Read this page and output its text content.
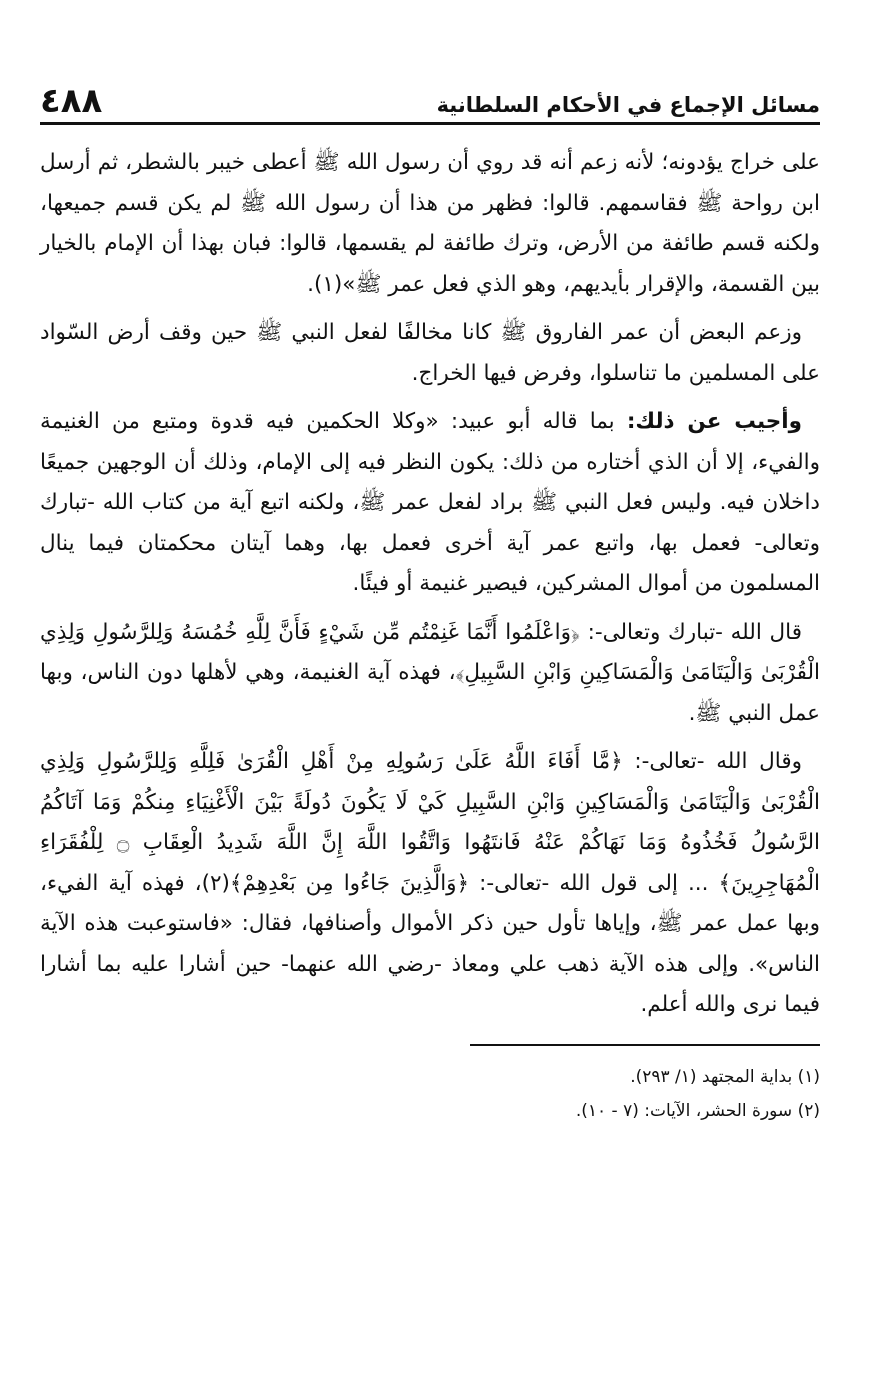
مسائل الإجماع في الأحكام السلطانية
٤٨٨

على خراج يؤدونه؛ لأنه زعم أنه قد روي أن رسول الله ﷺ أعطى خيبر بالشطر، ثم أرسل ابن رواحة ﷺ فقاسمهم. قالوا: فظهر من هذا أن رسول الله ﷺ لم يكن قسم جميعها، ولكنه قسم طائفة من الأرض، وترك طائفة لم يقسمها، قالوا: فبان بهذا أن الإمام بالخيار بين القسمة، والإقرار بأيديهم، وهو الذي فعل عمر ﷺ»(١).

وزعم البعض أن عمر الفاروق ﷺ كانا مخالفًا لفعل النبي ﷺ حين وقف أرض السّواد على المسلمين ما تناسلوا، وفرض فيها الخراج.

وأجيب عن ذلك: بما قاله أبو عبيد: «وكلا الحكمين فيه قدوة ومتبع من الغنيمة والفيء، إلا أن الذي أختاره من ذلك: يكون النظر فيه إلى الإمام، وذلك أن الوجهين جميعًا داخلان فيه. وليس فعل النبي ﷺ براد لفعل عمر ﷺ، ولكنه اتبع آية من كتاب الله -تبارك وتعالى- فعمل بها، واتبع عمر آية أخرى فعمل بها، وهما آيتان محكمتان فيما ينال المسلمون من أموال المشركين، فيصير غنيمة أو فيئًا.

قال الله -تبارك وتعالى-: ﴿وَاعْلَمُوا أَنَّمَا غَنِمْتُم مِّن شَيْءٍ فَأَنَّ لِلَّهِ خُمُسَهُ وَلِلرَّسُولِ وَلِذِي الْقُرْبَىٰ وَالْيَتَامَىٰ وَالْمَسَاكِينِ وَابْنِ السَّبِيلِ﴾، فهذه آية الغنيمة، وهي لأهلها دون الناس، وبها عمل النبي ﷺ.

وقال الله -تعالى-: ﴿مَّا أَفَاءَ اللَّهُ عَلَىٰ رَسُولِهِ مِنْ أَهْلِ الْقُرَىٰ فَلِلَّهِ وَلِلرَّسُولِ وَلِذِي الْقُرْبَىٰ وَالْيَتَامَىٰ وَالْمَسَاكِينِ وَابْنِ السَّبِيلِ كَيْ لَا يَكُونَ دُولَةً بَيْنَ الْأَغْنِيَاءِ مِنكُمْ وَمَا آتَاكُمُ الرَّسُولُ فَخُذُوهُ وَمَا نَهَاكُمْ عَنْهُ فَانتَهُوا وَاتَّقُوا اللَّهَ إِنَّ اللَّهَ شَدِيدُ الْعِقَابِ ۝ لِلْفُقَرَاءِ الْمُهَاجِرِينَ﴾ ... إلى قول الله -تعالى-: ﴿وَالَّذِينَ جَاءُوا مِن بَعْدِهِمْ﴾(٢)، فهذه آية الفيء، وبها عمل عمر ﷺ، وإياها تأول حين ذكر الأموال وأصنافها، فقال: «فاستوعبت هذه الآية الناس». وإلى هذه الآية ذهب علي ومعاذ -رضي الله عنهما- حين أشارا عليه بما أشارا فيما نرى والله أعلم.

(١) بداية المجتهد (١/ ٢٩٣).
(٢) سورة الحشر، الآيات: (٧ - ١٠).
